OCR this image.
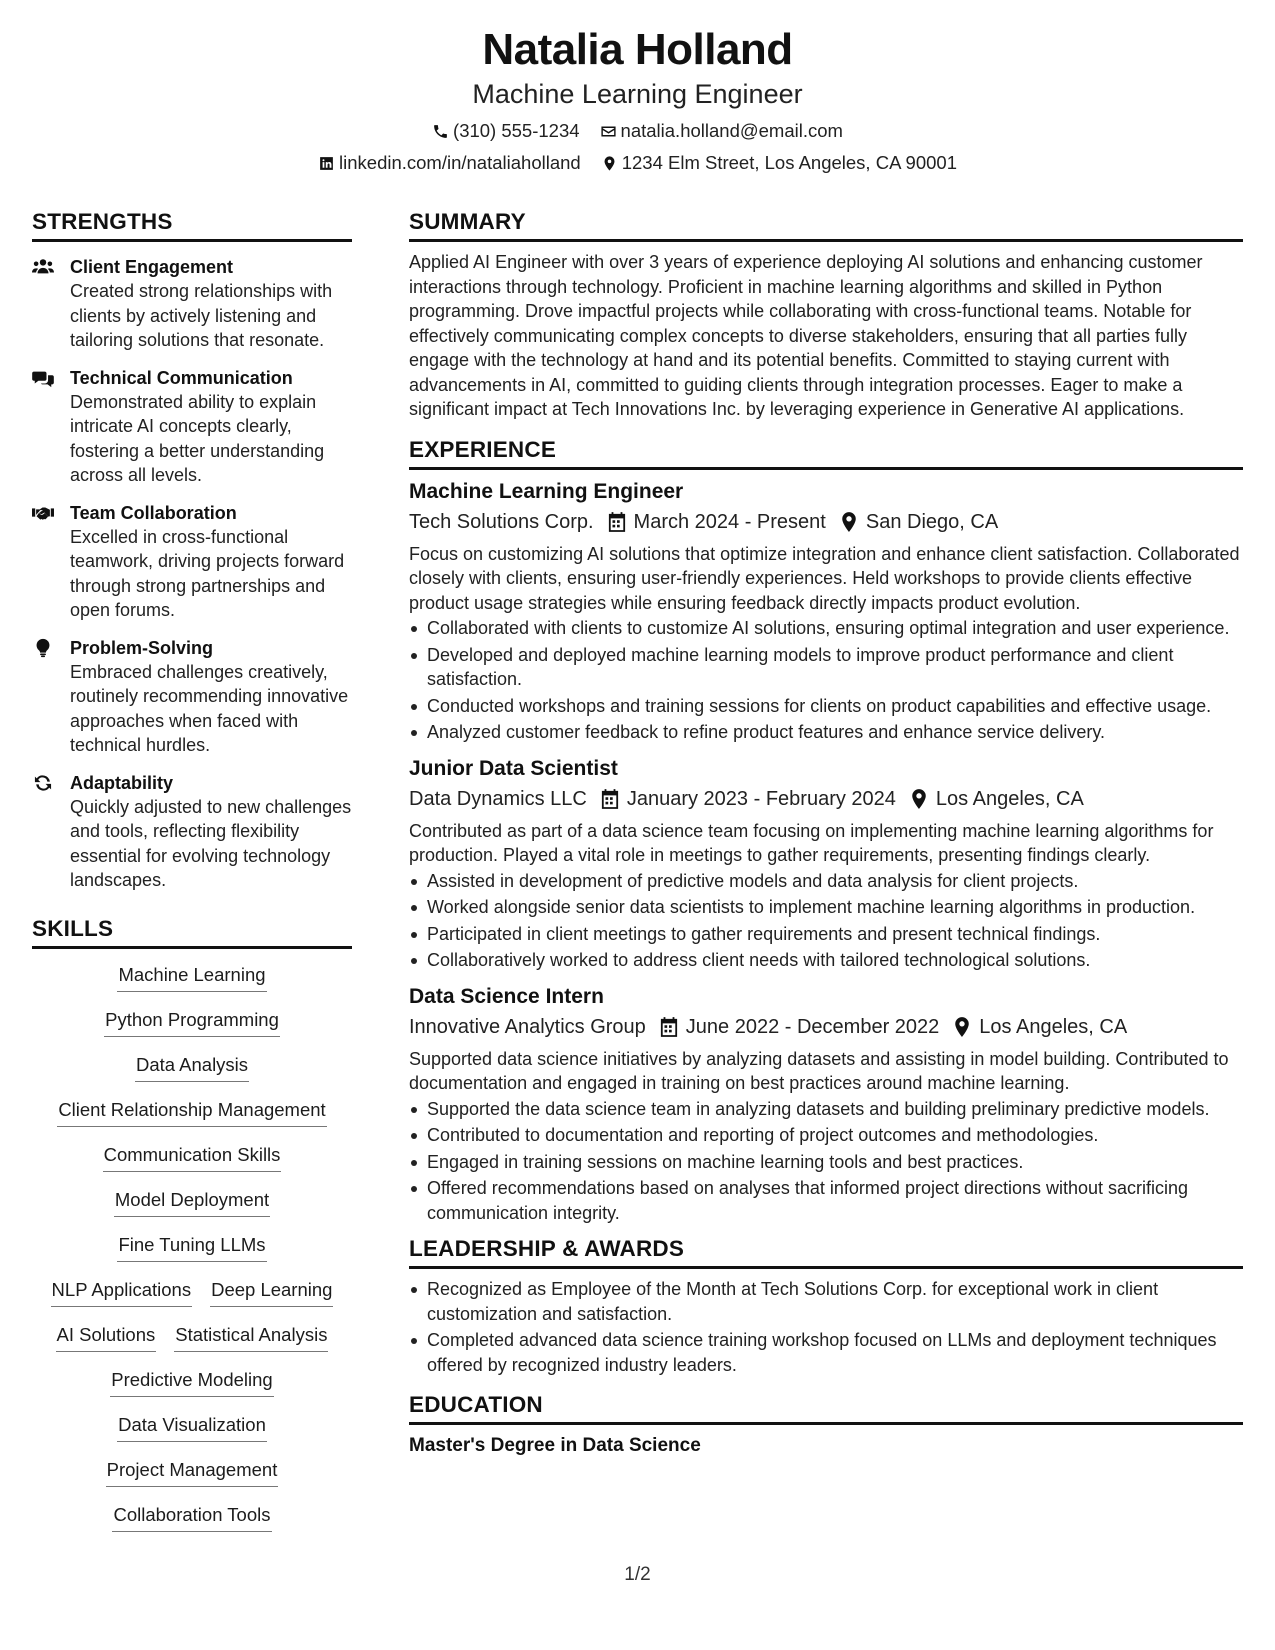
Natalia Holland
Machine Learning Engineer
(310) 555-1234 natalia.holland@email.com
linkedin.com/in/nataliaholland 1234 Elm Street, Los Angeles, CA 90001
STRENGTHS
Client Engagement
Created strong relationships with clients by actively listening and tailoring solutions that resonate.
Technical Communication
Demonstrated ability to explain intricate AI concepts clearly, fostering a better understanding across all levels.
Team Collaboration
Excelled in cross-functional teamwork, driving projects forward through strong partnerships and open forums.
Problem-Solving
Embraced challenges creatively, routinely recommending innovative approaches when faced with technical hurdles.
Adaptability
Quickly adjusted to new challenges and tools, reflecting flexibility essential for evolving technology landscapes.
SKILLS
Machine Learning
Python Programming
Data Analysis
Client Relationship Management
Communication Skills
Model Deployment
Fine Tuning LLMs
NLP Applications Deep Learning
AI Solutions Statistical Analysis
Predictive Modeling
Data Visualization
Project Management
Collaboration Tools
SUMMARY
Applied AI Engineer with over 3 years of experience deploying AI solutions and enhancing customer interactions through technology. Proficient in machine learning algorithms and skilled in Python programming. Drove impactful projects while collaborating with cross-functional teams. Notable for effectively communicating complex concepts to diverse stakeholders, ensuring that all parties fully engage with the technology at hand and its potential benefits. Committed to staying current with advancements in AI, committed to guiding clients through integration processes. Eager to make a significant impact at Tech Innovations Inc. by leveraging experience in Generative AI applications.
EXPERIENCE
Machine Learning Engineer
Tech Solutions Corp. March 2024 - Present San Diego, CA
Focus on customizing AI solutions that optimize integration and enhance client satisfaction. Collaborated closely with clients, ensuring user-friendly experiences. Held workshops to provide clients effective product usage strategies while ensuring feedback directly impacts product evolution.
Collaborated with clients to customize AI solutions, ensuring optimal integration and user experience.
Developed and deployed machine learning models to improve product performance and client satisfaction.
Conducted workshops and training sessions for clients on product capabilities and effective usage.
Analyzed customer feedback to refine product features and enhance service delivery.
Junior Data Scientist
Data Dynamics LLC January 2023 - February 2024 Los Angeles, CA
Contributed as part of a data science team focusing on implementing machine learning algorithms for production. Played a vital role in meetings to gather requirements, presenting findings clearly.
Assisted in development of predictive models and data analysis for client projects.
Worked alongside senior data scientists to implement machine learning algorithms in production.
Participated in client meetings to gather requirements and present technical findings.
Collaboratively worked to address client needs with tailored technological solutions.
Data Science Intern
Innovative Analytics Group June 2022 - December 2022 Los Angeles, CA
Supported data science initiatives by analyzing datasets and assisting in model building. Contributed to documentation and engaged in training on best practices around machine learning.
Supported the data science team in analyzing datasets and building preliminary predictive models.
Contributed to documentation and reporting of project outcomes and methodologies.
Engaged in training sessions on machine learning tools and best practices.
Offered recommendations based on analyses that informed project directions without sacrificing communication integrity.
LEADERSHIP & AWARDS
Recognized as Employee of the Month at Tech Solutions Corp. for exceptional work in client customization and satisfaction.
Completed advanced data science training workshop focused on LLMs and deployment techniques offered by recognized industry leaders.
EDUCATION
Master's Degree in Data Science
1/2
